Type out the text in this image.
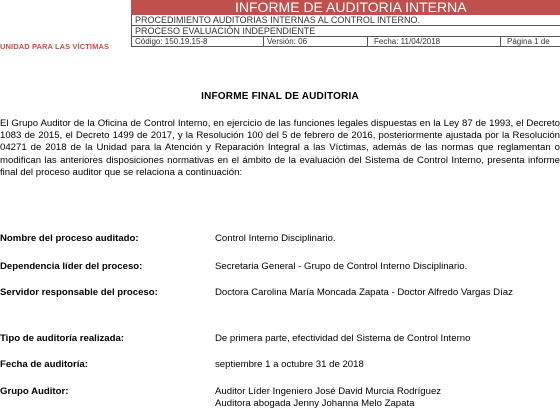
UNIDAD PARA LAS VÍCTIMAS
INFORME DE AUDITORIA INTERNA
PROCEDIMIENTO AUDITORIAS INTERNAS AL CONTROL INTERNO.
PROCESO EVALUACIÓN INDEPENDIENTE
Código: 150.19.15-8	Versión: 06	Fecha: 11/04/2018	Página 1 de
INFORME FINAL DE AUDITORIA

El Grupo Auditor de la Oficina de Control Interno, en ejercicio de las funciones legales dispuestas en la Ley 87 de 1993, el Decreto 1083 de 2015, el Decreto 1499 de 2017, y la Resolución 100 del 5 de febrero de 2016, posteriormente ajustada por la Resolución 04271 de 2018 de la Unidad para la Atención y Reparación Integral a las Víctimas, además de las normas que reglamentan o modifican las anteriores disposiciones normativas en el ámbito de la evaluación del Sistema de Control Interno, presenta informe final del proceso auditor que se relaciona a continuación:

Nombre del proceso auditado:	Control Interno Disciplinario.
Dependencia líder del proceso:	Secretaria General - Grupo de Control Interno Disciplinario.
Servidor responsable del proceso:	Doctora Carolina María Moncada Zapata - Doctor Alfredo Vargas Díaz
Tipo de auditoría realizada:	De primera parte, efectividad del Sistema de Control Interno
Fecha de auditoría:	septiembre 1 a octubre 31 de 2018
Grupo Auditor:	Auditor Líder Ingeniero José David Murcia Rodríguez
Auditora abogada Jenny Johanna Melo Zapata
